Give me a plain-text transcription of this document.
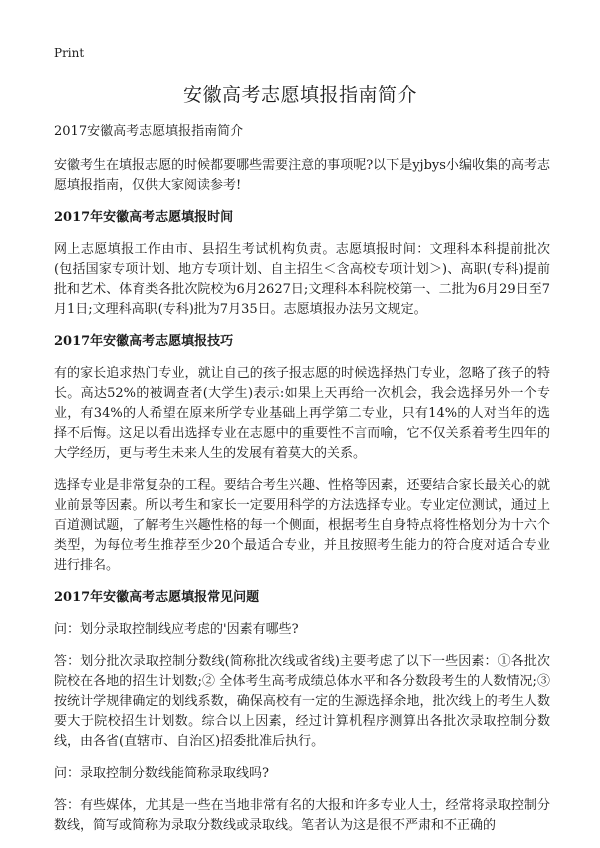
Print
安徽高考志愿填报指南简介

2017安徽高考志愿填报指南简介

安徽考生在填报志愿的时候都要哪些需要注意的事项呢?以下是yjbys小编收集的高考志愿填报指南，仅供大家阅读参考!

2017年安徽高考志愿填报时间

网上志愿填报工作由市、县招生考试机构负责。志愿填报时间：文理科本科提前批次(包括国家专项计划、地方专项计划、自主招生＜含高校专项计划＞)、高职(专科)提前批和艺术、体育类各批次院校为6月2627日;文理科本科院校第一、二批为6月29日至7月1日;文理科高职(专科)批为7月35日。志愿填报办法另文规定。

2017年安徽高考志愿填报技巧

有的家长追求热门专业，就让自己的孩子报志愿的时候选择热门专业，忽略了孩子的特长。高达52%的被调查者(大学生)表示:如果上天再给一次机会，我会选择另外一个专业，有34%的人希望在原来所学专业基础上再学第二专业，只有14%的人对当年的选择不后悔。这足以看出选择专业在志愿中的重要性不言而喻，它不仅关系着考生四年的大学经历，更与考生未来人生的发展有着莫大的关系。

选择专业是非常复杂的工程。要结合考生兴趣、性格等因素，还要结合家长最关心的就业前景等因素。所以考生和家长一定要用科学的方法选择专业。专业定位测试，通过上百道测试题，了解考生兴趣性格的每一个侧面，根据考生自身特点将性格划分为十六个类型，为每位考生推荐至少20个最适合专业，并且按照考生能力的符合度对适合专业进行排名。

2017年安徽高考志愿填报常见问题

问：划分录取控制线应考虑的'因素有哪些?

答：划分批次录取控制分数线(简称批次线或省线)主要考虑了以下一些因素：①各批次院校在各地的招生计划数;② 全体考生高考成绩总体水平和各分数段考生的人数情况;③ 按统计学规律确定的划线系数，确保高校有一定的生源选择余地，批次线上的考生人数要大于院校招生计划数。综合以上因素，经过计算机程序测算出各批次录取控制分数线，由各省(直辖市、自治区)招委批准后执行。

问：录取控制分数线能简称录取线吗?

答：有些媒体，尤其是一些在当地非常有名的大报和许多专业人士，经常将录取控制分数线，简写或简称为录取分数线或录取线。笔者认为这是很不严肃和不正确的
